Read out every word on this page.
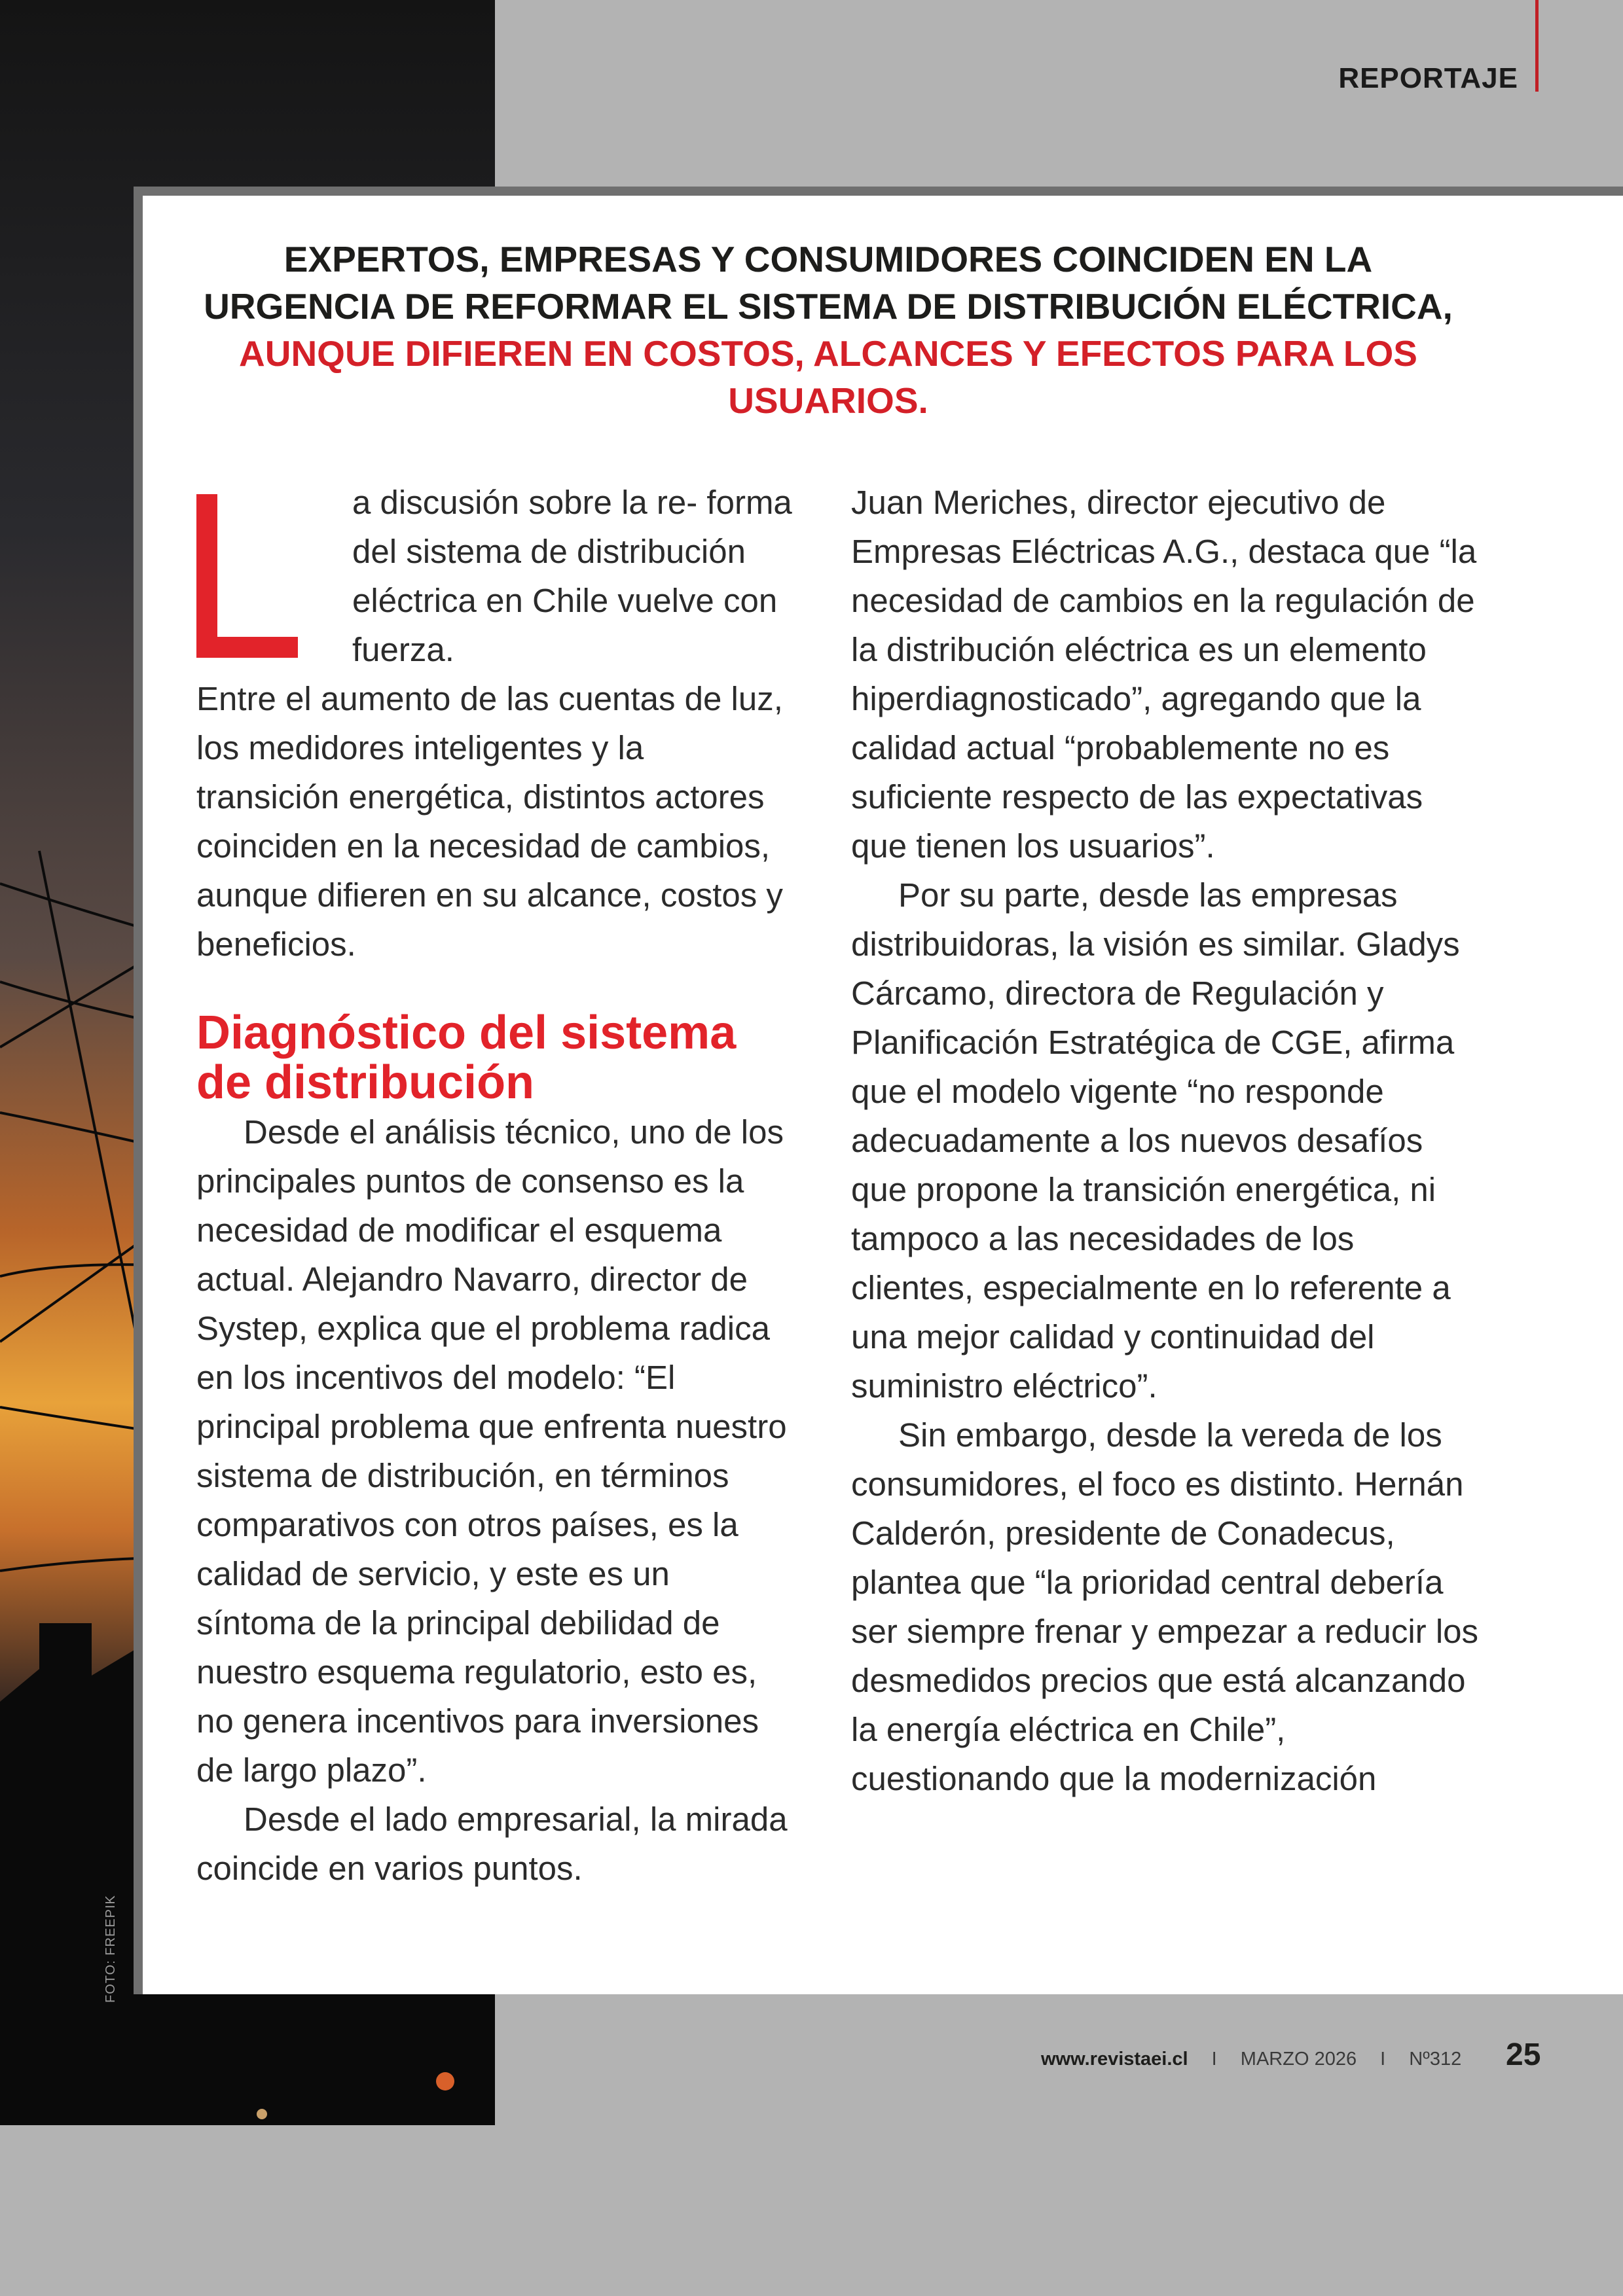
FOTO: FREEPIK
REPORTAJE
EXPERTOS, EMPRESAS Y CONSUMIDORES COINCIDEN EN LA URGENCIA DE REFORMAR EL SISTEMA DE DISTRIBUCIÓN ELÉCTRICA, AUNQUE DIFIEREN EN COSTOS, ALCANCES Y EFECTOS PARA LOS USUARIOS.

a discusión sobre la re- forma del sistema de distribución eléctrica en Chile vuelve con fuerza.

Entre el aumento de las cuentas de luz, los medidores inteligentes y la transición energética, distintos actores coinciden en la necesidad de cambios, aunque difieren en su alcance, costos y beneficios.

Diagnóstico del sistema de distribución

Desde el análisis técnico, uno de los principales puntos de consenso es la necesidad de modificar el esquema actual. Alejandro Navarro, director de Systep, explica que el problema radica en los incentivos del modelo: “El principal problema que enfrenta nuestro sistema de distribución, en términos comparativos con otros países, es la calidad de servicio, y este es un síntoma de la principal debilidad de nuestro esquema regulatorio, esto es, no genera incentivos para inversiones de largo plazo”.

Desde el lado empresarial, la mirada coincide en varios puntos.

Juan Meriches, director ejecutivo de Empresas Eléctricas A.G., destaca que “la necesidad de cambios en la regulación de la distribución eléctrica es un elemento hiperdiagnosticado”, agregando que la calidad actual “probablemente no es suficiente respecto de las expectativas que tienen los usuarios”.

Por su parte, desde las empresas distribuidoras, la visión es similar. Gladys Cárcamo, directora de Regulación y Planificación Estratégica de CGE, afirma que el modelo vigente “no responde adecuadamente a los nuevos desafíos que propone la transición energética, ni tampoco a las necesidades de los clientes, especialmente en lo referente a una mejor calidad y continuidad del suministro eléctrico”.

Sin embargo, desde la vereda de los consumidores, el foco es distinto. Hernán Calderón, presidente de Conadecus, plantea que “la prioridad central debería ser siempre frenar y empezar a reducir los desmedidos precios que está alcanzando la energía eléctrica en Chile”, cuestionando que la modernización

www.revistaei.cl I MARZO 2026 I Nº312 25
